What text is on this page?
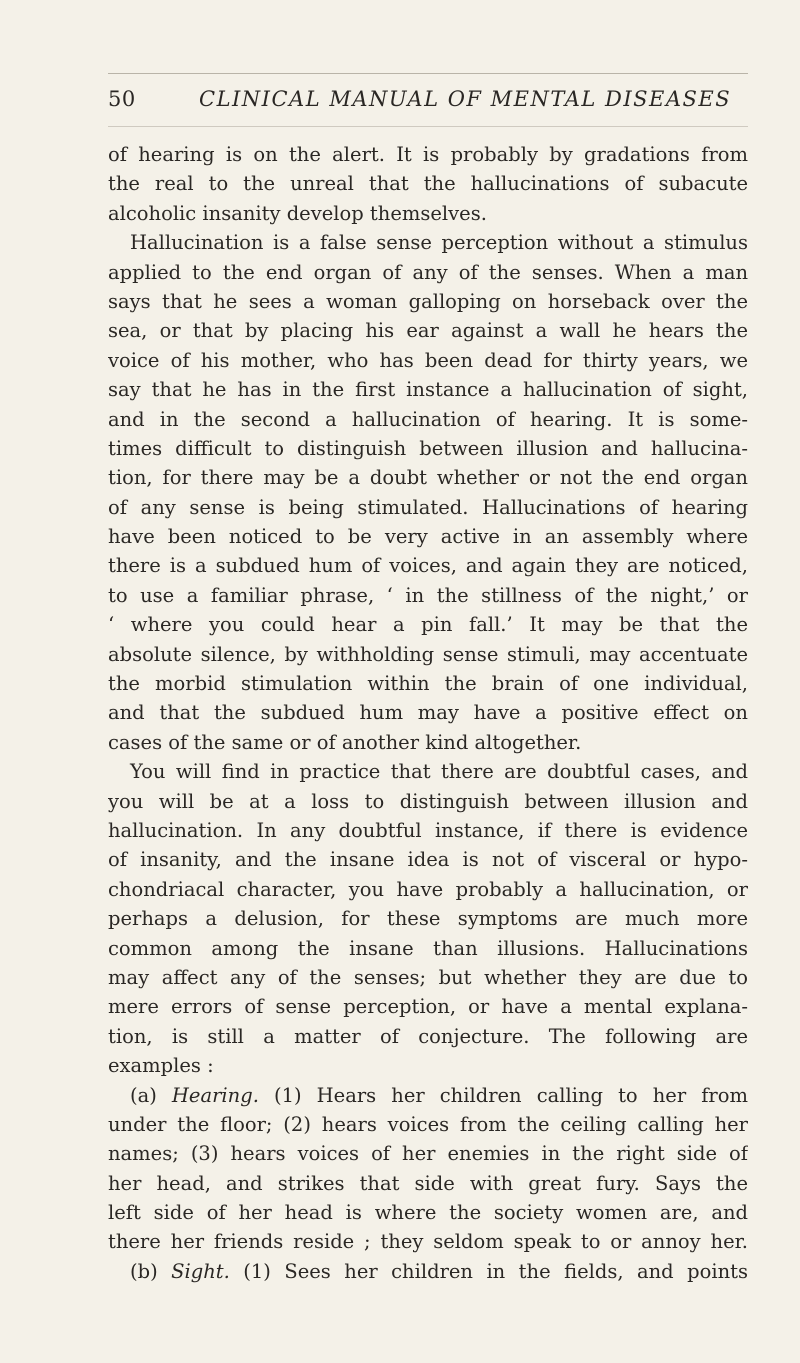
50	CLINICAL MANUAL OF MENTAL DISEASES
of hearing is on the alert. It is probably by gradations from
the real to the unreal that the hallucinations of subacute
alcoholic insanity develop themselves.
Hallucination is a false sense perception without a stimulus
applied to the end organ of any of the senses. When a man
says that he sees a woman galloping on horseback over the
sea, or that by placing his ear against a wall he hears the
voice of his mother, who has been dead for thirty years, we
say that he has in the first instance a hallucination of sight,
and in the second a hallucination of hearing. It is some-
times difficult to distinguish between illusion and hallucina-
tion, for there may be a doubt whether or not the end organ
of any sense is being stimulated. Hallucinations of hearing
have been noticed to be very active in an assembly where
there is a subdued hum of voices, and again they are noticed,
to use a familiar phrase, ‘ in the stillness of the night,’ or
‘ where you could hear a pin fall.’ It may be that the
absolute silence, by withholding sense stimuli, may accentuate
the morbid stimulation within the brain of one individual,
and that the subdued hum may have a positive effect on
cases of the same or of another kind altogether.
You will find in practice that there are doubtful cases, and
you will be at a loss to distinguish between illusion and
hallucination. In any doubtful instance, if there is evidence
of insanity, and the insane idea is not of visceral or hypo-
chondriacal character, you have probably a hallucination, or
perhaps a delusion, for these symptoms are much more
common among the insane than illusions. Hallucinations
may affect any of the senses; but whether they are due to
mere errors of sense perception, or have a mental explana-
tion, is still a matter of conjecture. The following are
examples :
(a) Hearing. (1) Hears her children calling to her from
under the floor; (2) hears voices from the ceiling calling her
names; (3) hears voices of her enemies in the right side of
her head, and strikes that side with great fury. Says the
left side of her head is where the society women are, and
there her friends reside ; they seldom speak to or annoy her.
(b) Sight. (1) Sees her children in the fields, and points
